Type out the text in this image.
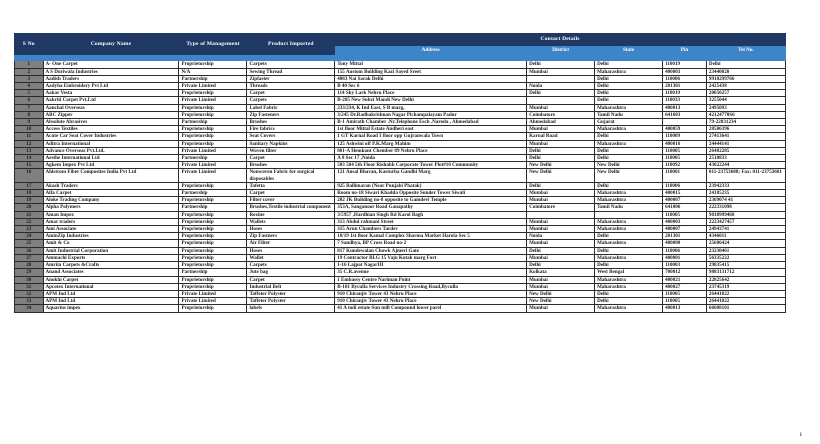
S No	Company Name	Type of Management	Product Imported	Contact Details				
				Address	District	State	Pin	Tel No.

1	A- One Carpet	Proprietorship	Carpets	Tony Mittal	Delhi	Delhi	110019	Delhi
2	A S Doriwala Industries	N/A	Sewing Thread	155 Austom Building Kazi Sayed Sreet	Mumbai	Maharashtra	400003	23440020
3	Aadish Traders	Partnership	Zipfaster	4083 Nai Sarak Delhi		Delhi	110006	9910299766
4	Aadyha Embroidery Pvt Ltd	Private Limited	Threads	B 40 Sec 6	Noida	Delhi	201301	2425438
5	Aakar Vesta	Proprietorship	Carpet	114 Sky Lark Nehru Place	Delhi	Delhi	110019	20050257
6	Aakriti Carpet Pvt.Ltd	Private Limited	Carpets	B-205 New Subzi Mandi New Delhi		Delhi	110033	3255044
7	Aanchal Overseas	Proprietorship	Label Fabric	233/234, K Ind East, S B marg,	Mumbai	Maharashtra	400013	2495093
8	ABC Zipper	Proprietorship	Zip Fasteners	3/245 Dr.Radhakrishnan Nagar Pichampalayam Padur	Coimbatore	Tamil Nadu	641603	42124778S6
9	Absolute Abrasives	Partnership	Brushes	B-1 Amirath Chamber .Nr.Telephone Esch .Naroda , Ahmedabad	Ahmedabad	Gujarat		79-22831234
10	Access Textiles	Proprietorship	Fire fabrics	1st floor Mittal Estate Andheri east	Mumbai	Maharashtra	400059	28506396
11	Acute Car Seat Cover Industries	Proprietorship	Seat Covers	1 GT Karnal Road I floor opp Gujranwala Town	Karnal Road	Delhi	110009	27413641
12	Aditra International	Proprietorship	Sanitary Napkins	125 Ashwini off P.K.Marg Mahim	Mumbai	Maharashtra	400016	24444141
13	Advance Overseas Pvt.Ltd.	Private Limited	Woven filter	801-A Hemkont Chember 89 Nehru Place	Delhi	Delhi	110005	26482285
14	Aesthe International Ltd	Partnership	Carpet	A 8 Sec 17 ,Noida	Delhi	Delhi	110005	2510833
15	Agkem Impex Pvt Ltd	Private Limited	Brushes	503 504 5th Floor Rishabh Corporate Tower Plot#16 Community	New Delhi	New Delhi	110092	43022244
16	Ahlstrom Fiber Composites India Pvt Ltd	Private Limited	Nonwoven Fabric for surgical disposables	121 Ansal Bhavan, Kasturba Gandhi Marg	New Delhi	New Delhi	110001	011-23753680; Fax: 011-23753681
17	Akash Traders	Proprietorship	Tafetta	925 Ballimaran (Near Punjabi Phatak)	Delhi	Delhi	110006	23942333
18	Alfa Carpet	Partnership	Carpet	Room no-18 Siwari Khadda Opposite Sunder Tower Siwali	Mumbai	Maharashtra	400015	24185235
19	Aloke Trading Company	Proprietorship	Filter cover	202 JK Building no-8 opposite to Gamdevi Temple	Mumbai	Maharashtra	400007	2369074 41
20	Alpha Polymers	Partnership	Brushes,Textile industrial component	353A, Sanganoor Road Ganapathy	Coimbatore	Tamil Nadu	641006	222331098
21	Aman Impex	Proprietorship	Rexine	3/5957 ,Hardhian Singh Rd Karol Bagh			110005	9810999468
22	Amar traders	Proprietorship	Wallets	313 Abdul rahmani Street	Mumbai	Maharashtra	400003	2223427457
23	Ami Associate	Proprietorship	Hoses	315 Arun Chambers Tardev	Mumbai	Maharashtra	400007	24943741
24	AminZip Industries	Proprietorship	Zip Fastners	10/19 1st floor Kamal Complex Sharma Market Harola Sec 5	Noida	Delhi	201301	4346011
25	Amit & Co	Proprietorship	Air Filter	7 Sandhya, BP Cross Road no-2	Mumbai	Maharashtra	400080	25686424
26	Amit Industrial Corporation	Proprietorship	Hoses	817 Kundewalan Chowk Ajmeri Gate	Delhi	Delhi	110006	23230461
27	Ammachi Exports	Proprietorship	Wallet	19 Contractor BLG 15 Vaju Kotak marg Fort	Mumbai	Maharashtra	400001	56335222
28	Amrita Carpets &Crafts	Proprietorship	Carpets	1-16 Lajpat NagarIII	Delhi	Delhi	110003	29835415
29	Anand Associates	Partnership	Jute bag	35 C.R.avenue	Kolkata	West Bengal	700012	9883131712
30	Anokhi Carpet	Proprietorship	Carpet	1 Embassy Centre Nariman Point	Mumbai	Maharashtra	400021	22825642
31	Apcotex International	Proprietorship	Industrial Belt	B-101 Byculla Services Industry Crossing Road,Byculla	Mumbai	Maharashtra	400027	23745319
32	APM Ind Ltd	Private Limited	Taffeter Polyster	910 Chiranjiv Tower 43 Nehru Place	New Delhi	Delhi	110005	26441022
33	APM Ind Ltd	Private Limited	Taffeter Polyster	910 Chiranjiv Tower 43 Nehru Place	New Delhi	Delhi	110005	26441022
34	Aquarius impex	Proprietorship	labels	41 A todi estate Sun mill Compound lower parel	Mumbai	Maharashtra	400013	66608101
1
